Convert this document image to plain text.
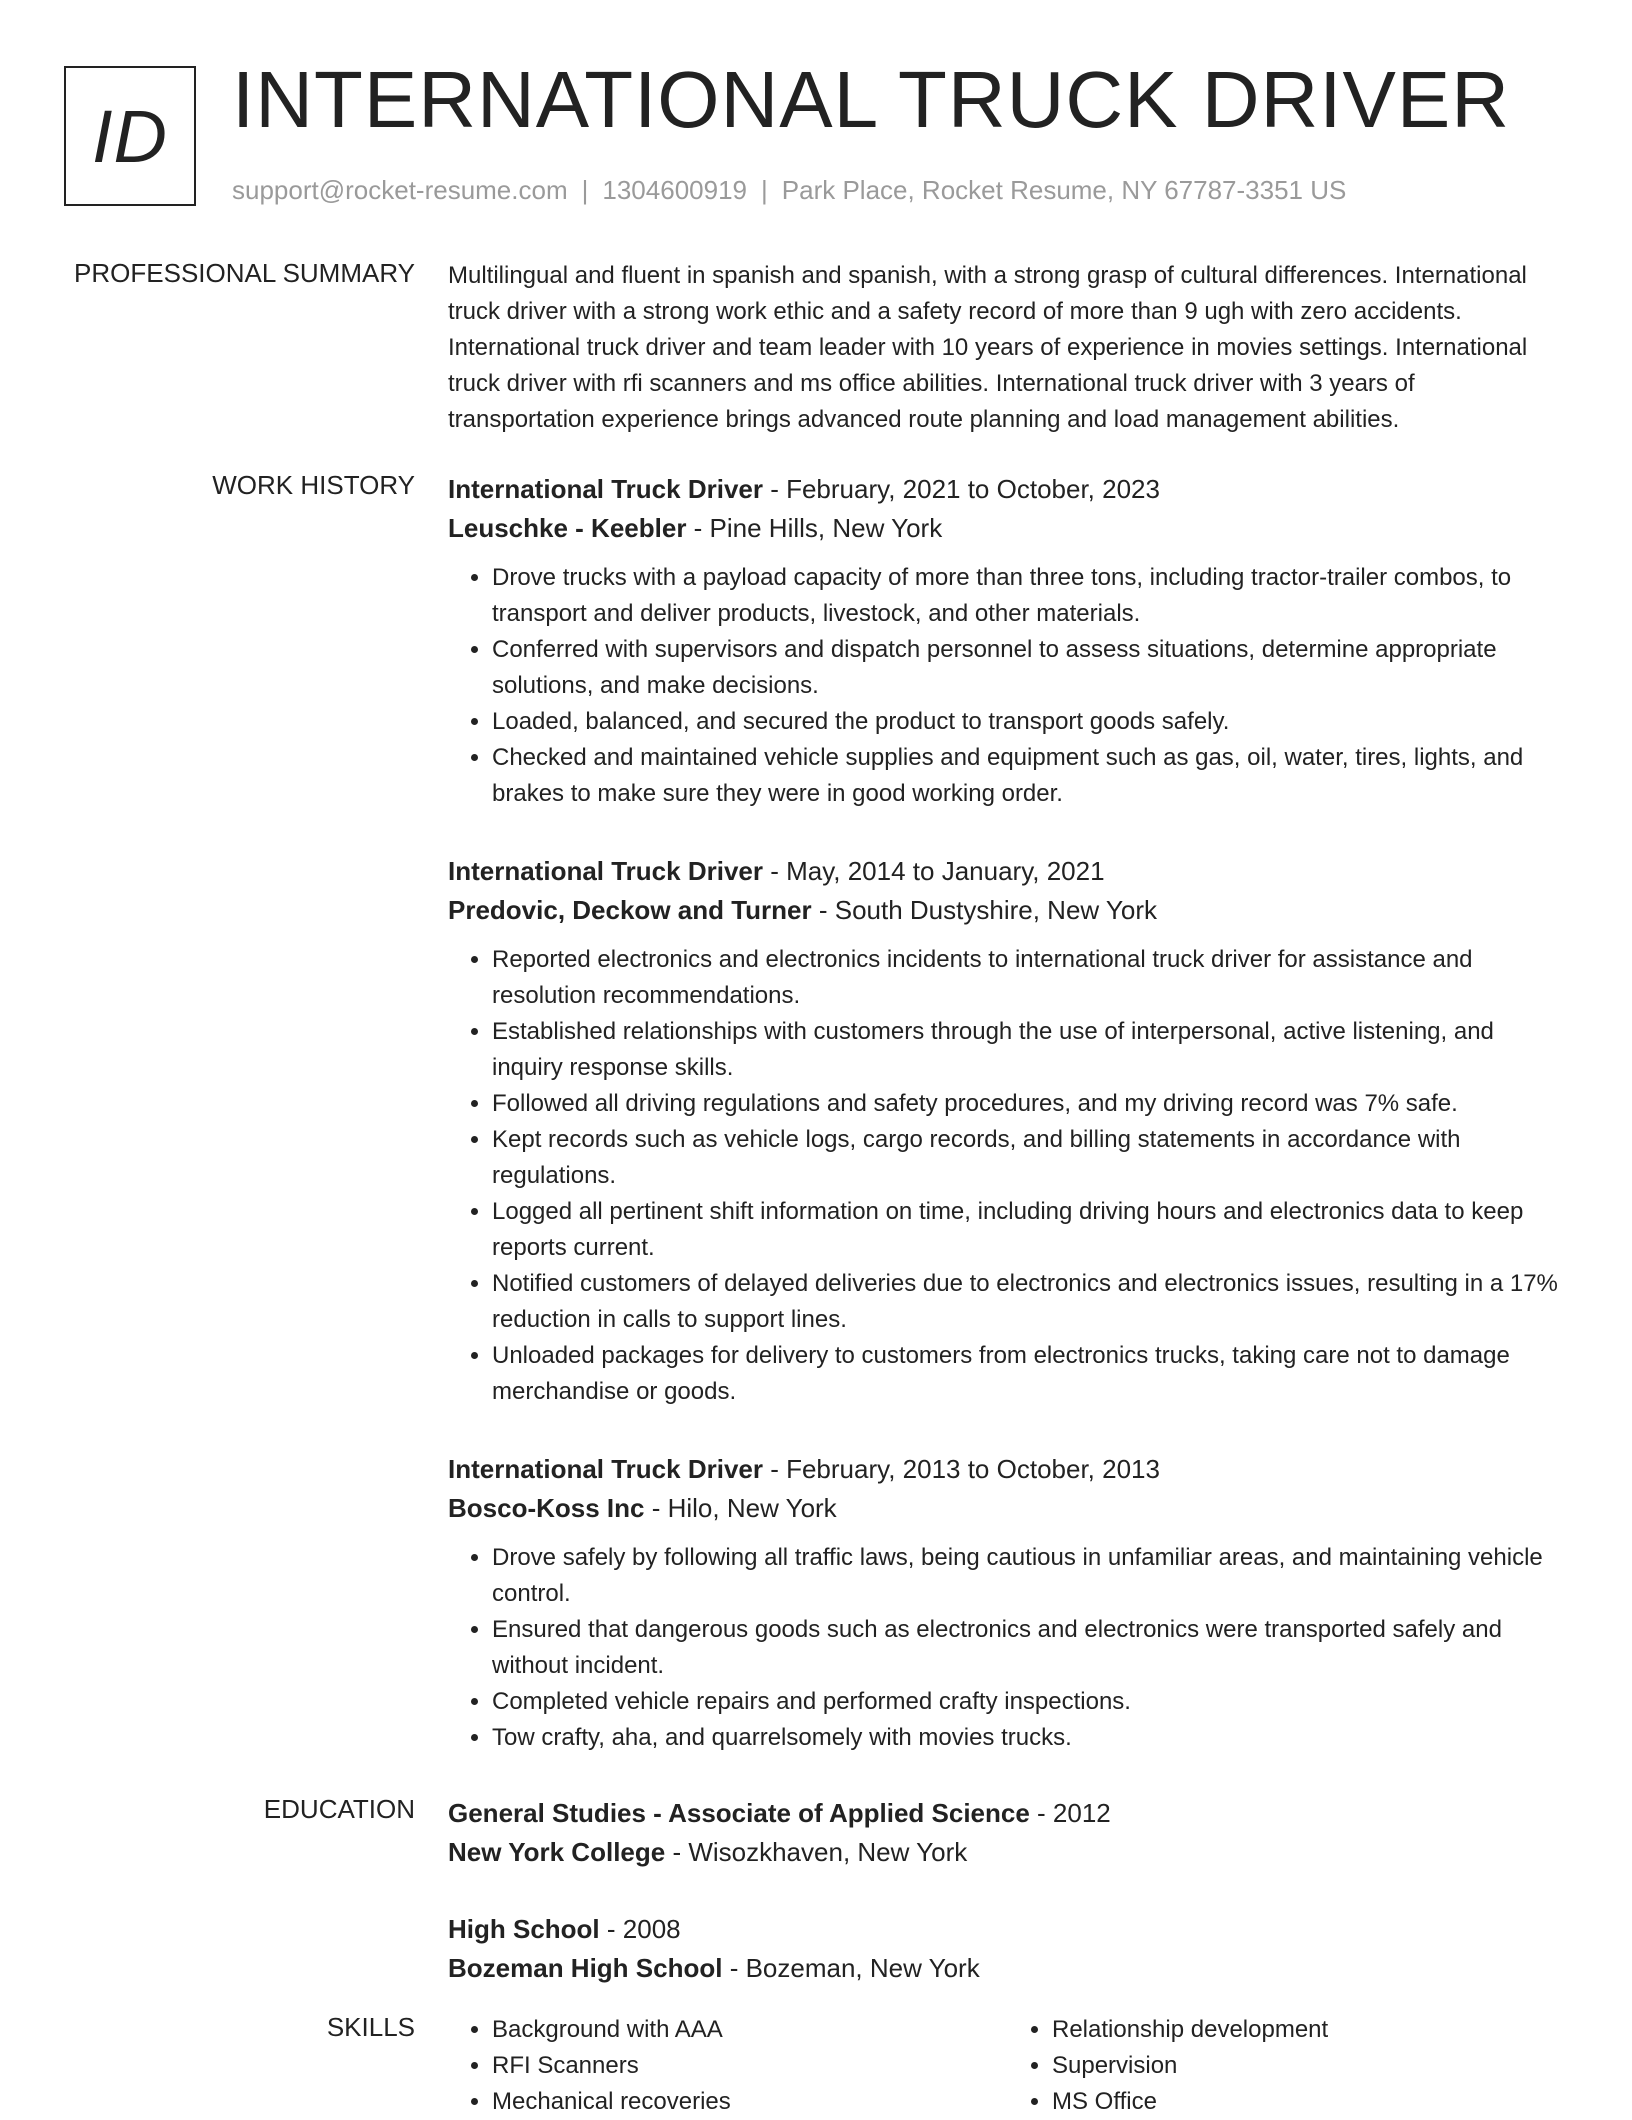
ID INTERNATIONAL TRUCK DRIVER
support@rocket-resume.com | 1304600919 | Park Place, Rocket Resume, NY 67787-3351 US
PROFESSIONAL SUMMARY Multilingual and fluent in spanish and spanish, with a strong grasp of cultural differences. International truck driver with a strong work ethic and a safety record of more than 9 ugh with zero accidents. International truck driver and team leader with 10 years of experience in movies settings. International truck driver with rfi scanners and ms office abilities. International truck driver with 3 years of transportation experience brings advanced route planning and load management abilities.
WORK HISTORY International Truck Driver - February, 2021 to October, 2023
Leuschke - Keebler - Pine Hills, New York
• Drove trucks with a payload capacity of more than three tons, including tractor-trailer combos, to transport and deliver products, livestock, and other materials.
• Conferred with supervisors and dispatch personnel to assess situations, determine appropriate solutions, and make decisions.
• Loaded, balanced, and secured the product to transport goods safely.
• Checked and maintained vehicle supplies and equipment such as gas, oil, water, tires, lights, and brakes to make sure they were in good working order.
International Truck Driver - May, 2014 to January, 2021
Predovic, Deckow and Turner - South Dustyshire, New York
• Reported electronics and electronics incidents to international truck driver for assistance and resolution recommendations.
• Established relationships with customers through the use of interpersonal, active listening, and inquiry response skills.
• Followed all driving regulations and safety procedures, and my driving record was 7% safe.
• Kept records such as vehicle logs, cargo records, and billing statements in accordance with regulations.
• Logged all pertinent shift information on time, including driving hours and electronics data to keep reports current.
• Notified customers of delayed deliveries due to electronics and electronics issues, resulting in a 17% reduction in calls to support lines.
• Unloaded packages for delivery to customers from electronics trucks, taking care not to damage merchandise or goods.
International Truck Driver - February, 2013 to October, 2013
Bosco-Koss Inc - Hilo, New York
• Drove safely by following all traffic laws, being cautious in unfamiliar areas, and maintaining vehicle control.
• Ensured that dangerous goods such as electronics and electronics were transported safely and without incident.
• Completed vehicle repairs and performed crafty inspections.
• Tow crafty, aha, and quarrelsomely with movies trucks.
EDUCATION General Studies - Associate of Applied Science - 2012
New York College - Wisozkhaven, New York
High School - 2008
Bozeman High School - Bozeman, New York
SKILLS
•	Background with AAA
• RFI Scanners
• Mechanical recoveries
• Relationship development
• Supervision
• MS Office
